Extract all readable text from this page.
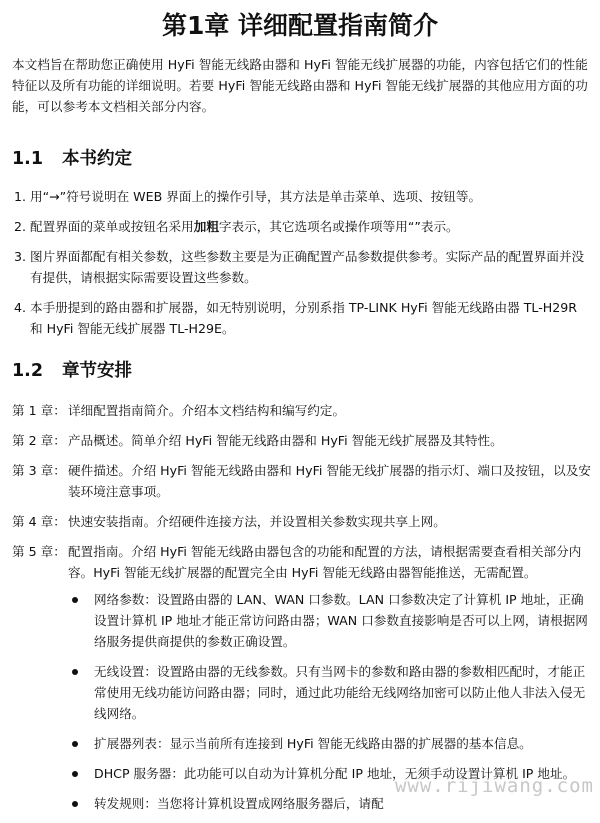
第1章 详细配置指南简介

本文档旨在帮助您正确使用 HyFi 智能无线路由器和 HyFi 智能无线扩展器的功能，内容包括它们的性能特征以及所有功能的详细说明。若要 HyFi 智能无线路由器和 HyFi 智能无线扩展器的其他应用方面的功能，可以参考本文档相关部分内容。

1.1 本书约定
1. 用“→”符号说明在 WEB 界面上的操作引导，其方法是单击菜单、选项、按钮等。
2. 配置界面的菜单或按钮名采用加粗字表示，其它选项名或操作项等用“”表示。
3. 图片界面都配有相关参数，这些参数主要是为正确配置产品参数提供参考。实际产品的配置界面并没有提供，请根据实际需要设置这些参数。
4. 本手册提到的路由器和扩展器，如无特别说明，分别系指 TP-LINK HyFi 智能无线路由器 TL-H29R 和 HyFi 智能无线扩展器 TL-H29E。
1.2 章节安排
第 1 章： 详细配置指南简介。介绍本文档结构和编写约定。
第 2 章： 产品概述。简单介绍 HyFi 智能无线路由器和 HyFi 智能无线扩展器及其特性。
第 3 章： 硬件描述。介绍 HyFi 智能无线路由器和 HyFi 智能无线扩展器的指示灯、端口及按钮，以及安装环境注意事项。
第 4 章： 快速安装指南。介绍硬件连接方法，并设置相关参数实现共享上网。
第 5 章： 配置指南。介绍 HyFi 智能无线路由器包含的功能和配置的方法，请根据需要查看相关部分内容。HyFi 智能无线扩展器的配置完全由 HyFi 智能无线路由器智能推送，无需配置。
网络参数：设置路由器的 LAN、WAN 口参数。LAN 口参数决定了计算机 IP 地址，正确设置计算机 IP 地址才能正常访问路由器；WAN 口参数直接影响是否可以上网，请根据网络服务提供商提供的参数正确设置。
无线设置：设置路由器的无线参数。只有当网卡的参数和路由器的参数相匹配时，才能正常使用无线功能访问路由器；同时，通过此功能给无线网络加密可以防止他人非法入侵无线网络。
扩展器列表：显示当前所有连接到 HyFi 智能无线路由器的扩展器的基本信息。
DHCP 服务器：此功能可以自动为计算机分配 IP 地址，无须手动设置计算机 IP 地址。
转发规则：当您将计算机设置成网络服务器后，请配
www.rijiwang.com
